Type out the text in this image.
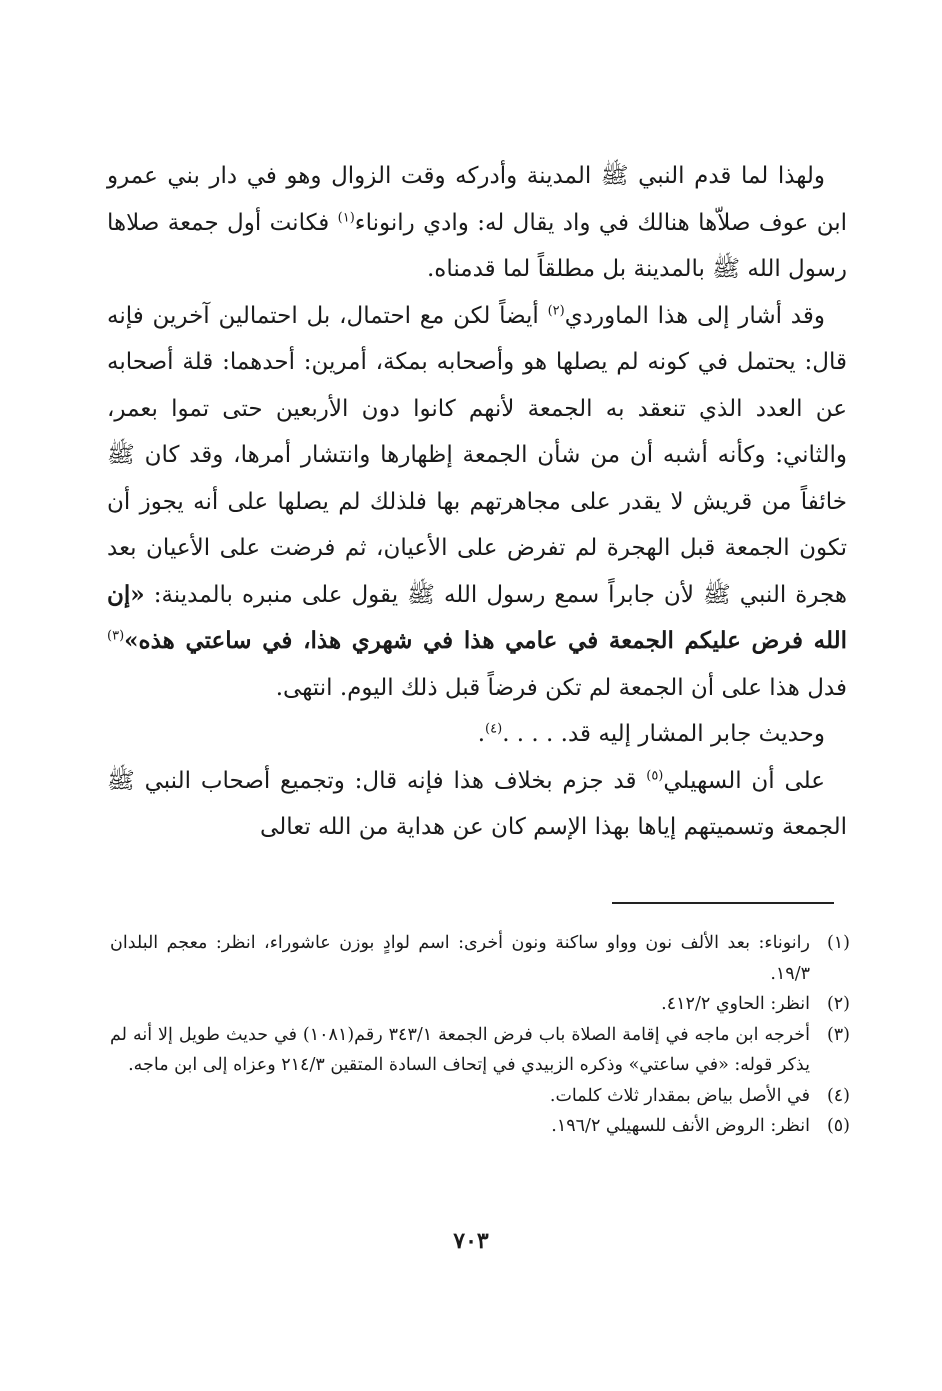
ولهذا لما قدم النبي ﷺ المدينة وأدركه وقت الزوال وهو في دار بني عمرو ابن عوف صلاّها هنالك في واد يقال له: وادي رانوناء$^{(١)}$ فكانت أول جمعة صلاها رسول الله ﷺ بالمدينة بل مطلقاً لما قدمناه.

وقد أشار إلى هذا الماوردي$^{(٢)}$ أيضاً لكن مع احتمال، بل احتمالين آخرين فإنه قال: يحتمل في كونه لم يصلها هو وأصحابه بمكة، أمرين: أحدهما: قلة أصحابه عن العدد الذي تنعقد به الجمعة لأنهم كانوا دون الأربعين حتى تموا بعمر، والثاني: وكأنه أشبه أن من شأن الجمعة إظهارها وانتشار أمرها، وقد كان ﷺ خائفاً من قريش لا يقدر على مجاهرتهم بها فلذلك لم يصلها على أنه يجوز أن تكون الجمعة قبل الهجرة لم تفرض على الأعيان، ثم فرضت على الأعيان بعد هجرة النبي ﷺ لأن جابراً سمع رسول الله ﷺ يقول على منبره بالمدينة: «إن الله فرض عليكم الجمعة في عامي هذا في شهري هذا، في ساعتي هذه»$^{(٣)}$ فدل هذا على أن الجمعة لم تكن فرضاً قبل ذلك اليوم. انتهى.

وحديث جابر المشار إليه قد. . . . .$^{(٤)}$.

على أن السهيلي$^{(٥)}$ قد جزم بخلاف هذا فإنه قال: وتجميع أصحاب النبي ﷺ الجمعة وتسميتهم إياها بهذا الإسم كان عن هداية من الله تعالى

(١)
رانوناء: بعد الألف نون وواو ساكنة ونون أخرى: اسم لوادٍ بوزن عاشوراء، انظر: معجم البلدان ١٩/٣.
(٢)
انظر: الحاوي ٤١٢/٢.
(٣)
أخرجه ابن ماجه في إقامة الصلاة باب فرض الجمعة ٣٤٣/١ رقم(١٠٨١) في حديث طويل إلا أنه لم يذكر قوله: «في ساعتي» وذكره الزبيدي في إتحاف السادة المتقين ٢١٤/٣ وعزاه إلى ابن ماجه.
(٤)
في الأصل بياض بمقدار ثلاث كلمات.
(٥)
انظر: الروض الأنف للسهيلي ١٩٦/٢.
٧٠٣
